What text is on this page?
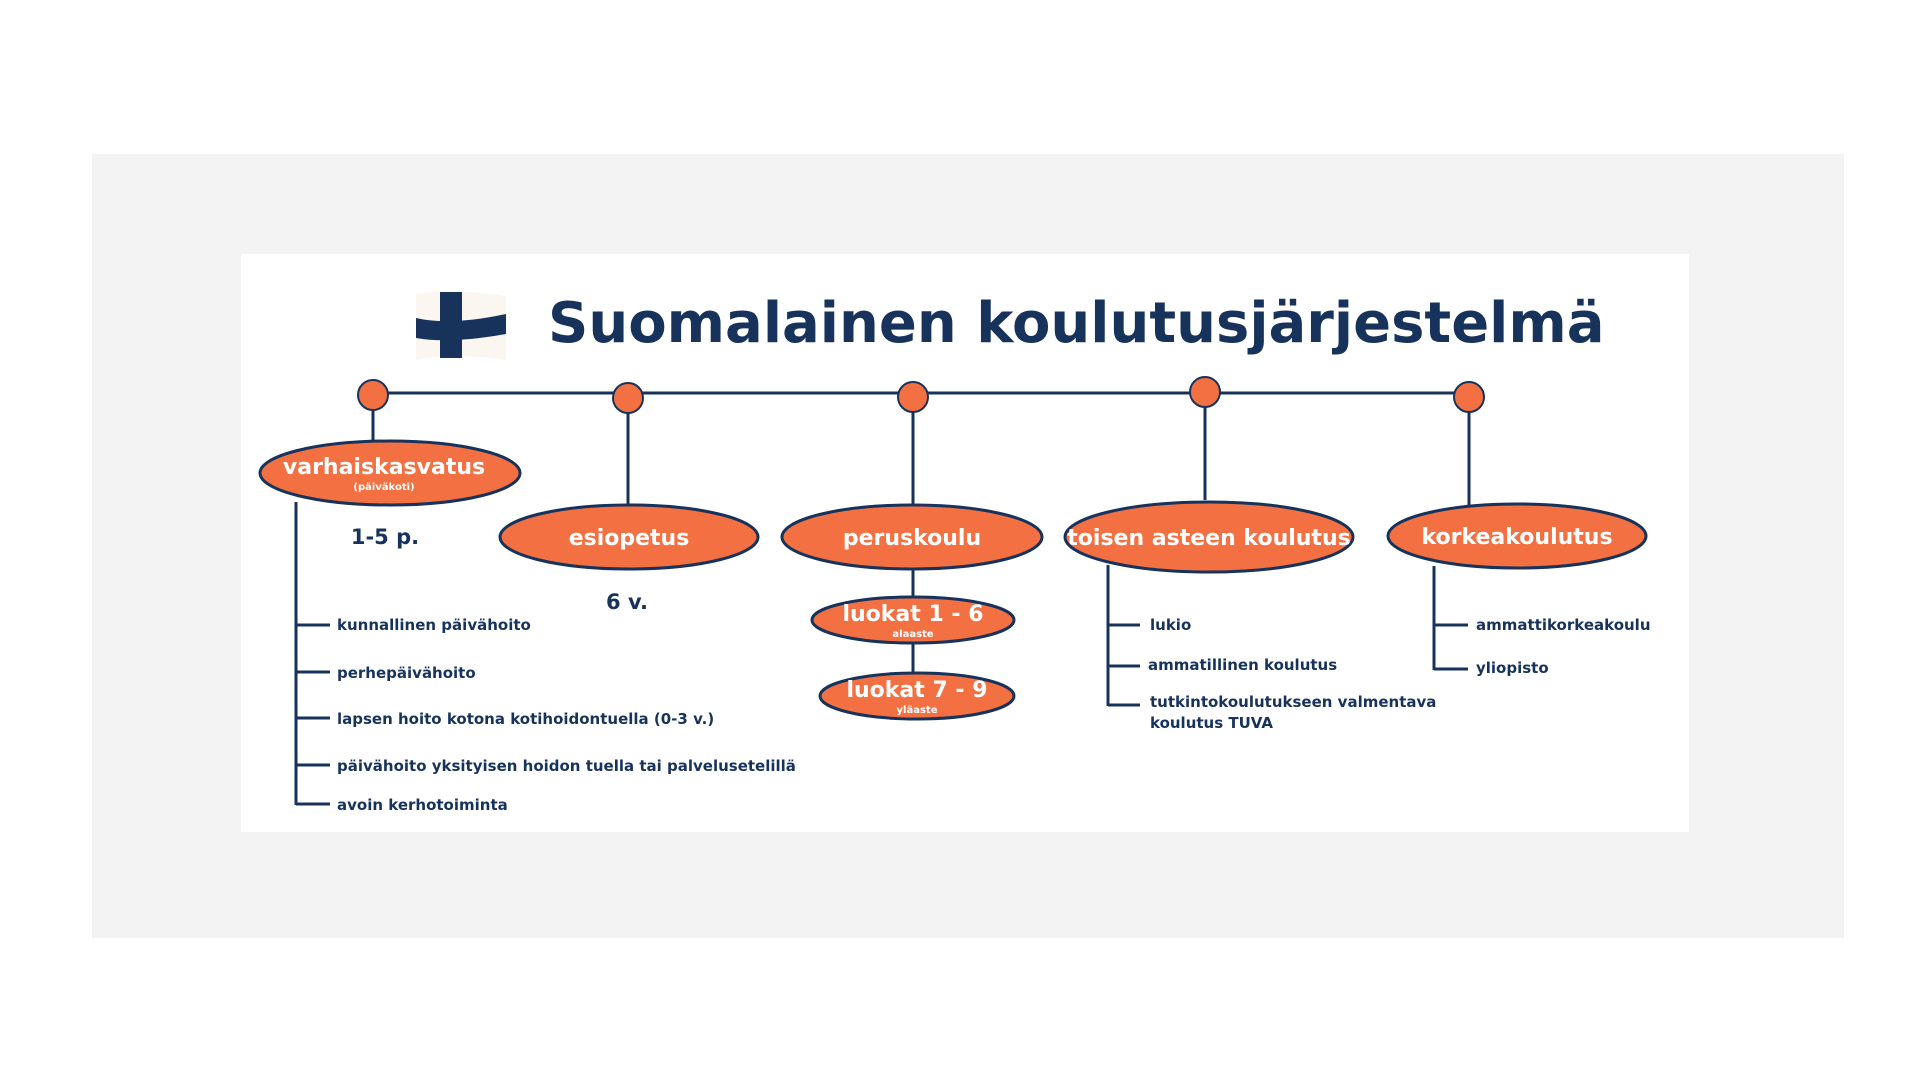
Suomalainen koulutusjärjestelmä
varhaiskasvatus
(päiväkoti)
1-5 p.
kunnallinen päivähoito
perhepäivähoito
lapsen hoito kotona kotihoidontuella (0-3 v.)
päivähoito yksityisen hoidon tuella tai palvelusetelillä
avoin kerhotoiminta
esiopetus
6 v.
peruskoulu
luokat 1 - 6
alaaste
luokat 7 - 9
yläaste
toisen asteen koulutus
lukio
ammatillinen koulutus
tutkintokoulutukseen valmentava
koulutus TUVA
korkeakoulutus
ammattikorkeakoulu
yliopisto
